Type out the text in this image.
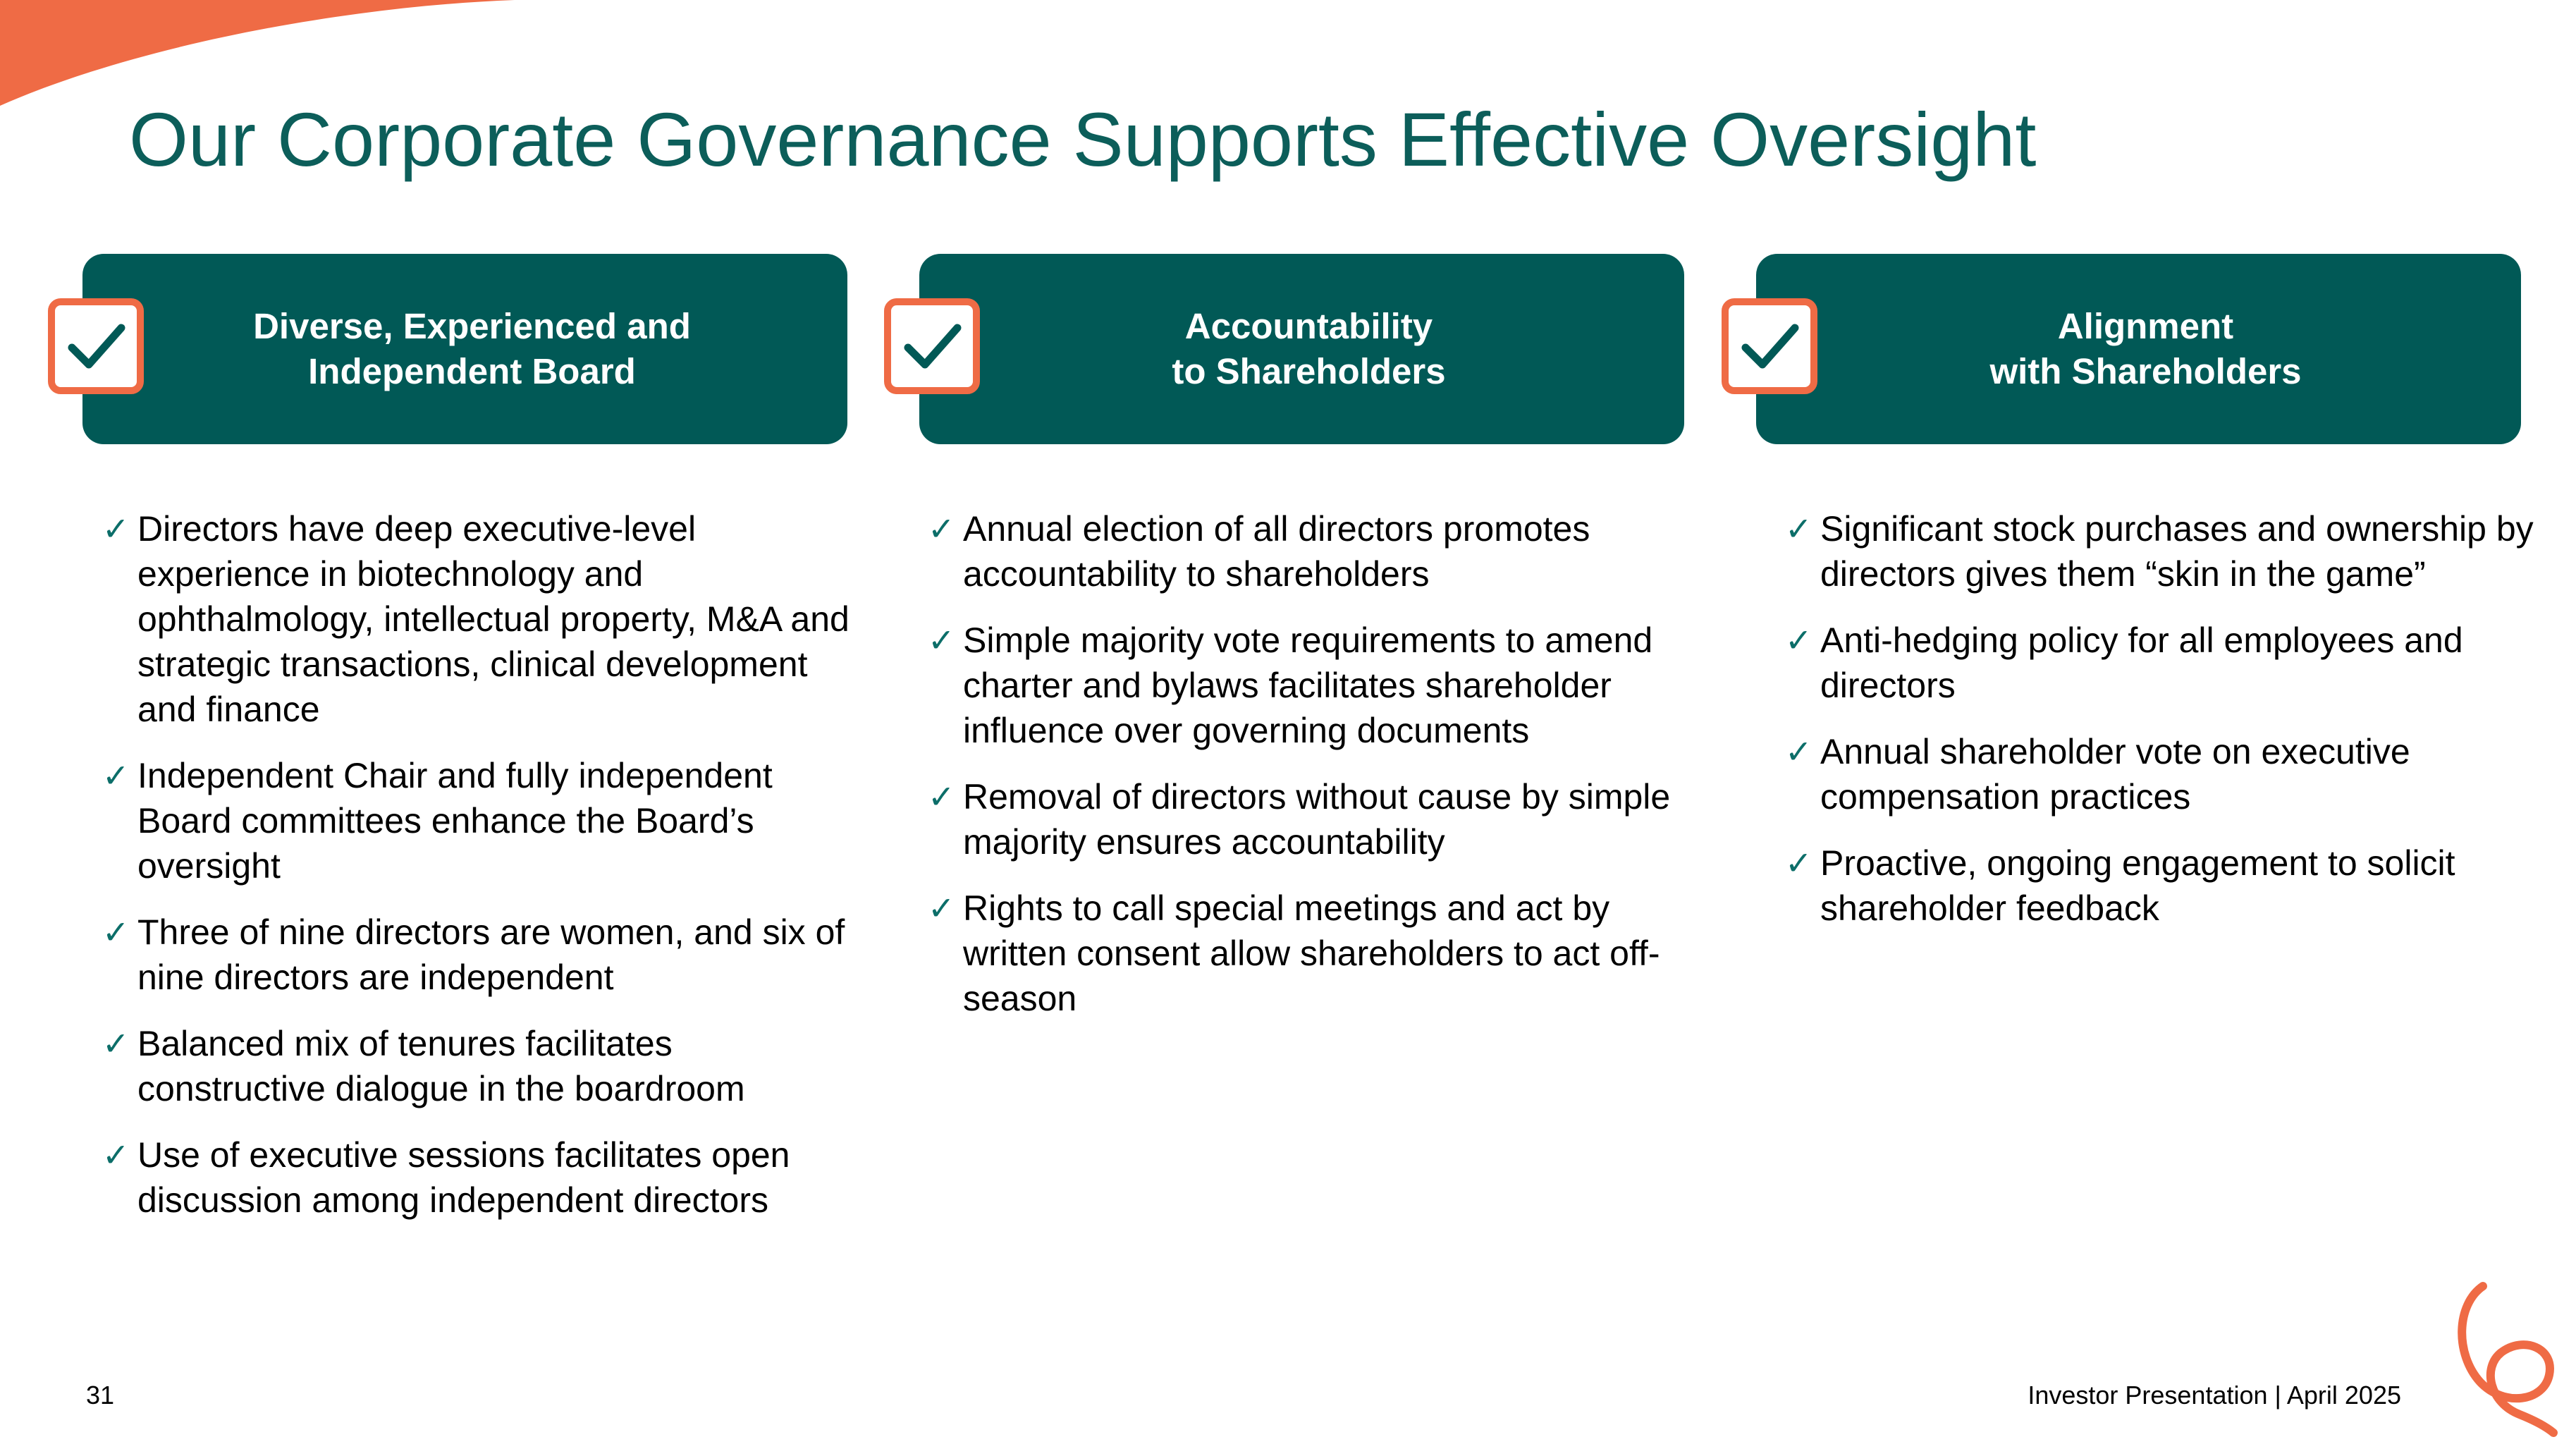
Our Corporate Governance Supports Effective Oversight
Diverse, Experienced and
Independent Board
✓ Directors have deep executive-level experience in biotechnology and ophthalmology, intellectual property, M&A and strategic transactions, clinical development and finance
✓ Independent Chair and fully independent Board committees enhance the Board’s oversight
✓ Three of nine directors are women, and six of nine directors are independent
✓ Balanced mix of tenures facilitates constructive dialogue in the boardroom
✓ Use of executive sessions facilitates open discussion among independent directors
Accountability
to Shareholders
✓ Annual election of all directors promotes accountability to shareholders
✓ Simple majority vote requirements to amend charter and bylaws facilitates shareholder influence over governing documents
✓ Removal of directors without cause by simple majority ensures accountability
✓ Rights to call special meetings and act by written consent allow shareholders to act off-season
Alignment
with Shareholders
✓ Significant stock purchases and ownership by directors gives them “skin in the game”
✓ Anti-hedging policy for all employees and directors
✓ Annual shareholder vote on executive compensation practices
✓ Proactive, ongoing engagement to solicit shareholder feedback
31	Investor Presentation | April 2025
